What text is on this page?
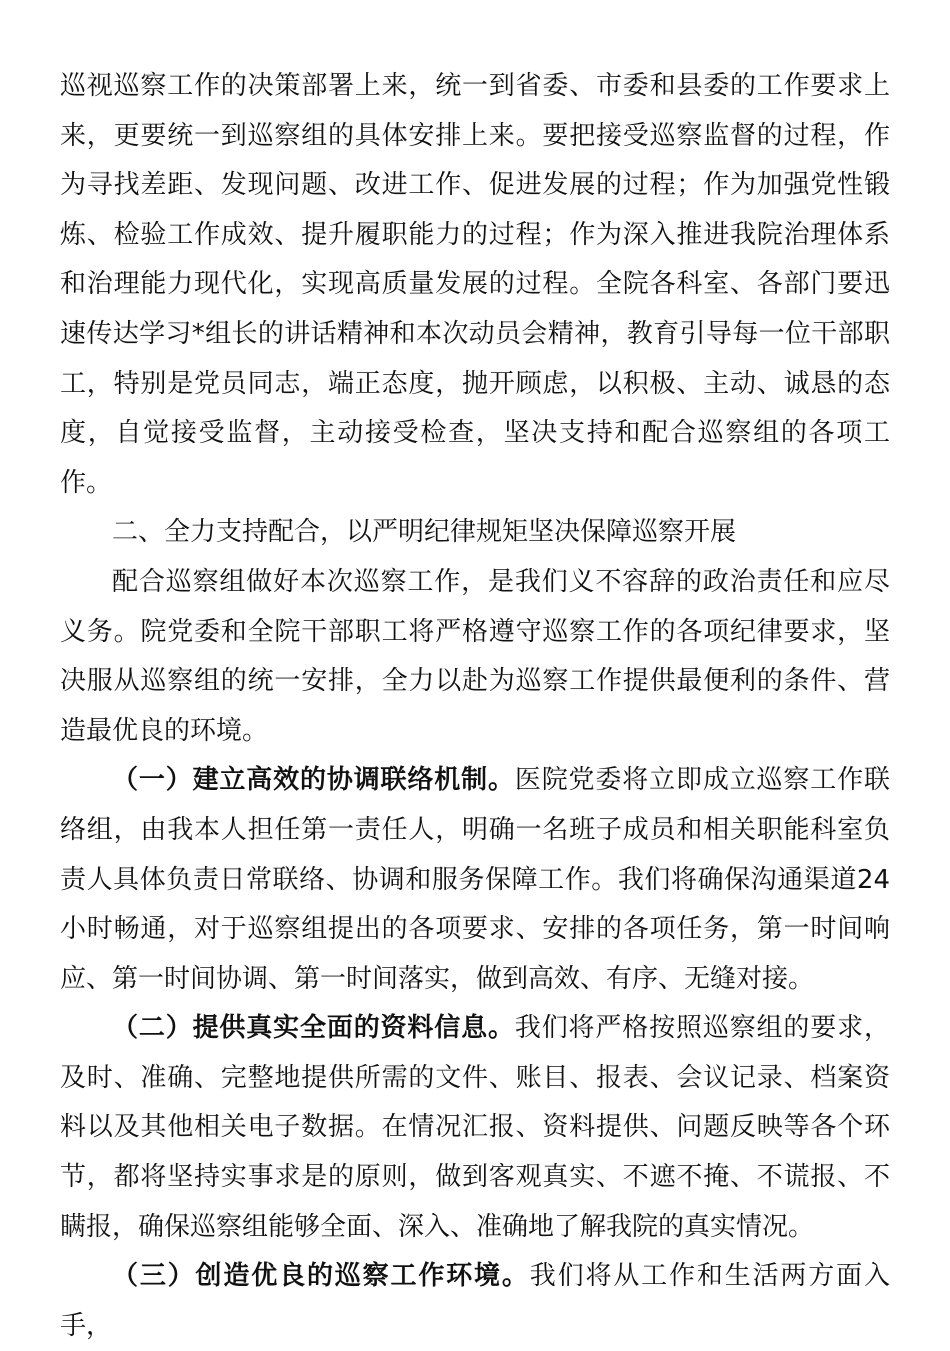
巡视巡察工作的决策部署上来，统一到省委、市委和县委的工作要求上来，更要统一到巡察组的具体安排上来。要把接受巡察监督的过程，作为寻找差距、发现问题、改进工作、促进发展的过程；作为加强党性锻炼、检验工作成效、提升履职能力的过程；作为深入推进我院治理体系和治理能力现代化，实现高质量发展的过程。全院各科室、各部门要迅速传达学习*组长的讲话精神和本次动员会精神，教育引导每一位干部职工，特别是党员同志，端正态度，抛开顾虑，以积极、主动、诚恳的态度，自觉接受监督，主动接受检查，坚决支持和配合巡察组的各项工作。

二、全力支持配合，以严明纪律规矩坚决保障巡察开展

配合巡察组做好本次巡察工作，是我们义不容辞的政治责任和应尽义务。院党委和全院干部职工将严格遵守巡察工作的各项纪律要求，坚决服从巡察组的统一安排，全力以赴为巡察工作提供最便利的条件、营造最优良的环境。

（一）建立高效的协调联络机制。医院党委将立即成立巡察工作联络组，由我本人担任第一责任人，明确一名班子成员和相关职能科室负责人具体负责日常联络、协调和服务保障工作。我们将确保沟通渠道24小时畅通，对于巡察组提出的各项要求、安排的各项任务，第一时间响应、第一时间协调、第一时间落实，做到高效、有序、无缝对接。

（二）提供真实全面的资料信息。我们将严格按照巡察组的要求，及时、准确、完整地提供所需的文件、账目、报表、会议记录、档案资料以及其他相关电子数据。在情况汇报、资料提供、问题反映等各个环节，都将坚持实事求是的原则，做到客观真实、不遮不掩、不谎报、不瞒报，确保巡察组能够全面、深入、准确地了解我院的真实情况。

（三）创造优良的巡察工作环境。我们将从工作和生活两方面入手，
